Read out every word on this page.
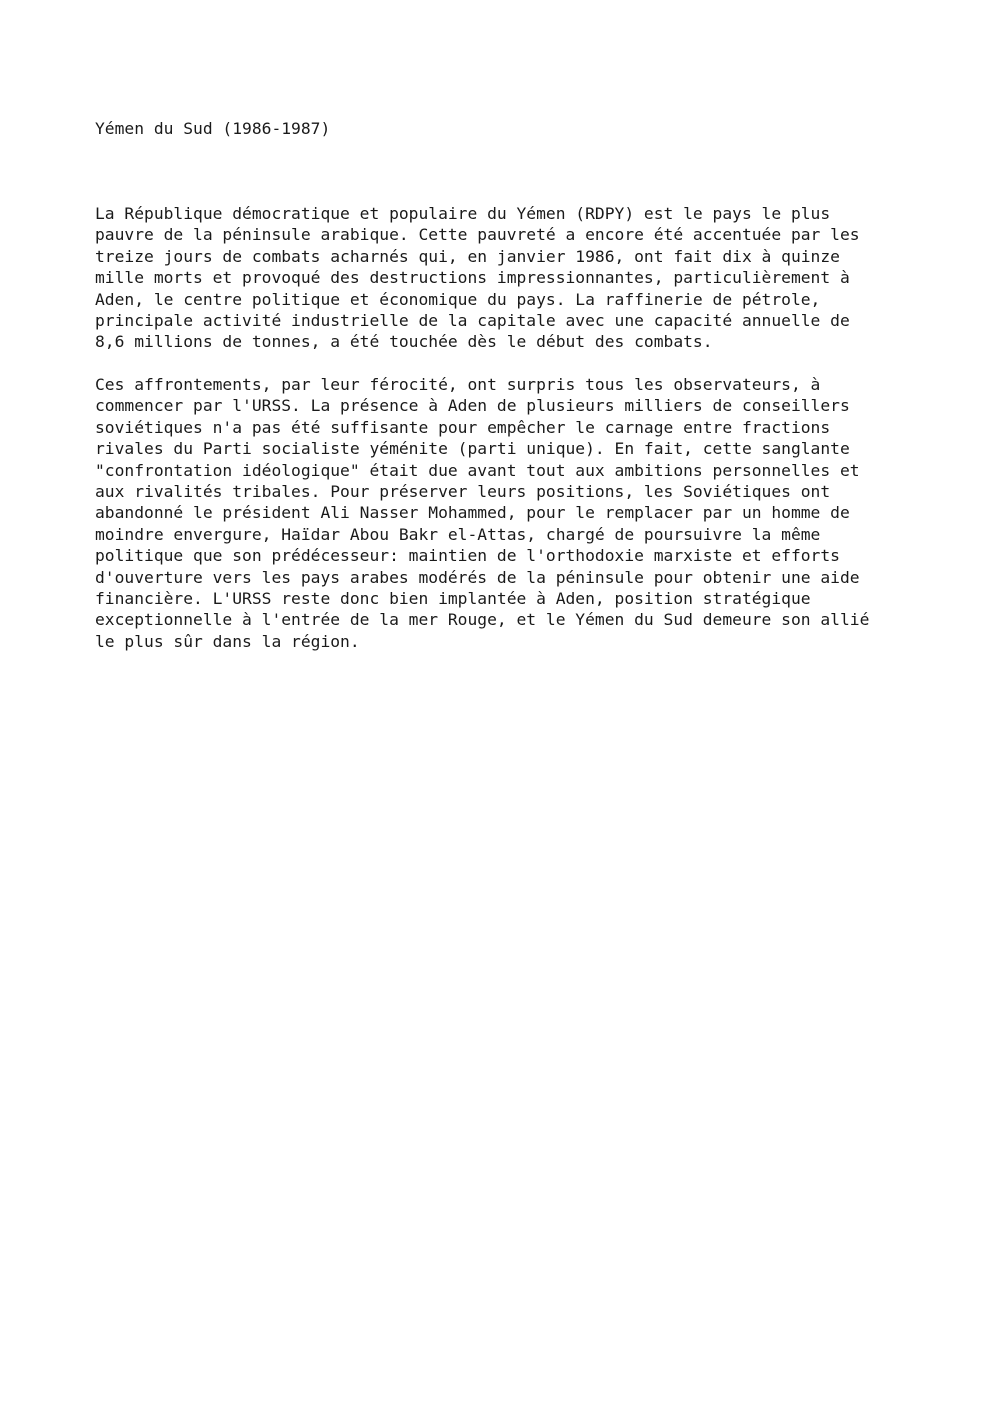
Yémen du Sud (1986-1987)

La République démocratique et populaire du Yémen (RDPY) est le pays le plus
pauvre de la péninsule arabique. Cette pauvreté a encore été accentuée par les
treize jours de combats acharnés qui, en janvier 1986, ont fait dix à quinze
mille morts et provoqué des destructions impressionnantes, particulièrement à
Aden, le centre politique et économique du pays. La raffinerie de pétrole,
principale activité industrielle de la capitale avec une capacité annuelle de
8,6 millions de tonnes, a été touchée dès le début des combats.

Ces affrontements, par leur férocité, ont surpris tous les observateurs, à
commencer par l'URSS. La présence à Aden de plusieurs milliers de conseillers
soviétiques n'a pas été suffisante pour empêcher le carnage entre fractions
rivales du Parti socialiste yéménite (parti unique). En fait, cette sanglante
"confrontation idéologique" était due avant tout aux ambitions personnelles et
aux rivalités tribales. Pour préserver leurs positions, les Soviétiques ont
abandonné le président Ali Nasser Mohammed, pour le remplacer par un homme de
moindre envergure, Haïdar Abou Bakr el-Attas, chargé de poursuivre la même
politique que son prédécesseur: maintien de l'orthodoxie marxiste et efforts
d'ouverture vers les pays arabes modérés de la péninsule pour obtenir une aide
financière. L'URSS reste donc bien implantée à Aden, position stratégique
exceptionnelle à l'entrée de la mer Rouge, et le Yémen du Sud demeure son allié
le plus sûr dans la région.
